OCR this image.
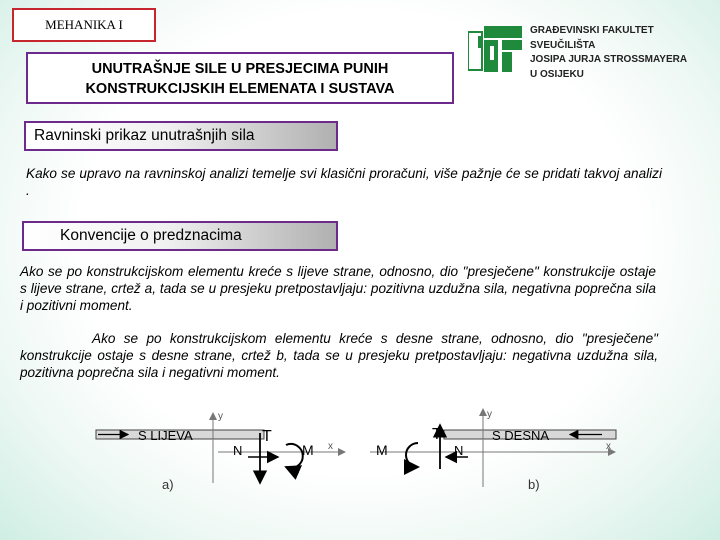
MEHANIKA I
UNUTRAŠNJE SILE U PRESJECIMA PUNIH
KONSTRUKCIJSKIH ELEMENATA I SUSTAVA
GRAĐEVINSKI FAKULTET
SVEUČILIŠTA
JOSIPA JURJA STROSSMAYERA
U OSIJEKU
Ravninski prikaz unutrašnjih sila
Kako se upravo na ravninskoj analizi temelje svi klasični proračuni, više pažnje će se pridati takvoj analizi .
Konvencije o predznacima
Ako se po konstrukcijskom elementu kreće s lijeve strane, odnosno, dio "presječene" konstrukcije ostaje s lijeve strane, crtež a, tada se u presjeku pretpostavljaju: pozitivna uzdužna sila, negativna poprečna sila i pozitivni moment.
Ako se po konstrukcijskom elementu kreće s desne strane, odnosno, dio "presječene" konstrukcije ostaje s desne strane, crtež b, tada se u presjeku pretpostavljaju: negativna uzdužna sila, pozitivna poprečna sila i negativni moment.
S LIJEVA
y
x
T
N	M
a)
S DESNA
y
x
T
N
M
b)
